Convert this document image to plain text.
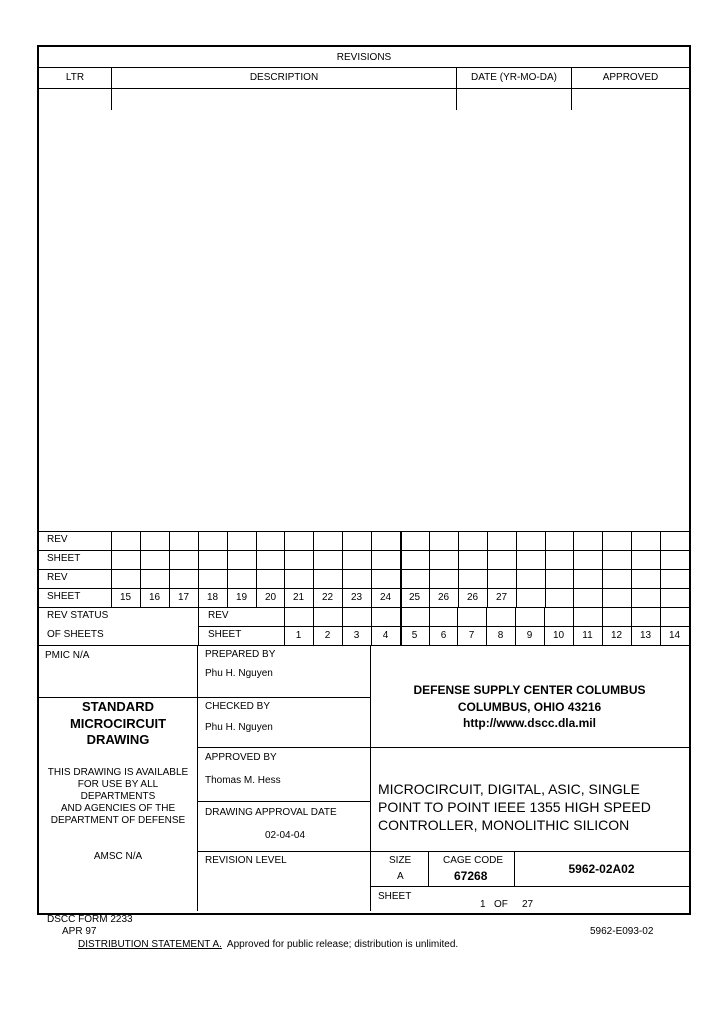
REVISIONS
LTR	DESCRIPTION	DATE (YR-MO-DA)	APPROVED
REV
SHEET
REV
SHEET	15	16	17	18	19	20	21	22	23	24	25	26	26	27
REV STATUS
OF SHEETS
REV
SHEET	1	2	3	4	5	6	7	8	9	10	11	12	13	14
PMIC N/A
STANDARD
MICROCIRCUIT
DRAWING
THIS DRAWING IS AVAILABLE
FOR USE BY ALL
DEPARTMENTS
AND AGENCIES OF THE
DEPARTMENT OF DEFENSE
AMSC N/A
PREPARED BY
Phu H. Nguyen
CHECKED BY
Phu H. Nguyen
APPROVED BY
Thomas M. Hess
DRAWING APPROVAL DATE
02-04-04
REVISION LEVEL
DEFENSE SUPPLY CENTER COLUMBUS
COLUMBUS, OHIO 43216
http://www.dscc.dla.mil
MICROCIRCUIT, DIGITAL, ASIC, SINGLE
POINT TO POINT IEEE 1355 HIGH SPEED
CONTROLLER, MONOLITHIC SILICON
SIZE
A
CAGE CODE
67268	5962-02A02
SHEET
1 OF 27
DSCC FORM 2233
APR 97	5962-E093-02
DISTRIBUTION STATEMENT A. Approved for public release; distribution is unlimited.
